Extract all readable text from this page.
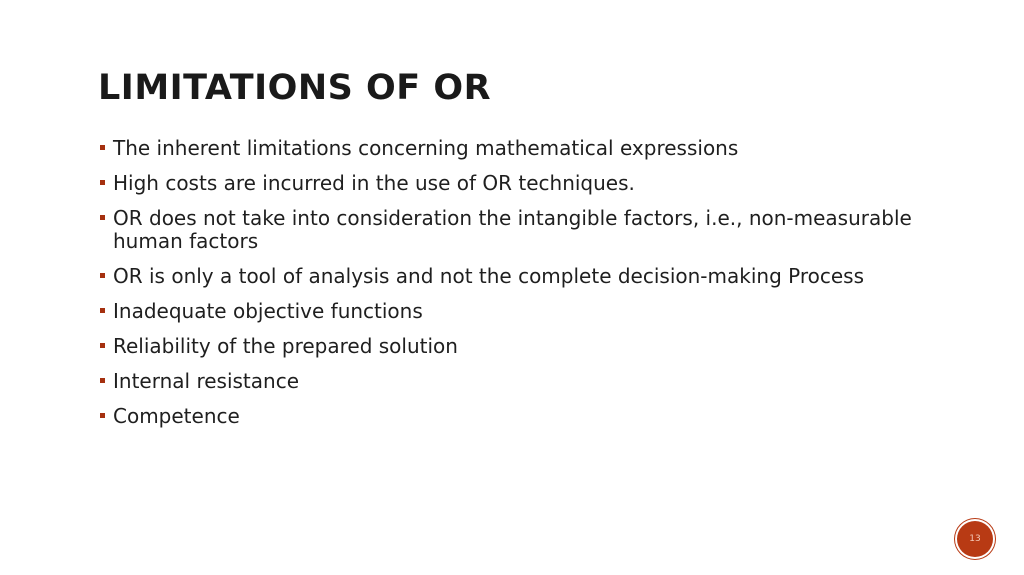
LIMITATIONS OF OR
The inherent limitations concerning mathematical expressions
High costs are incurred in the use of OR techniques.
OR does not take into consideration the intangible factors, i.e., non-measurable human factors
OR is only a tool of analysis and not the complete decision-making Process
Inadequate objective functions
Reliability of the prepared solution
Internal resistance
Competence
13
